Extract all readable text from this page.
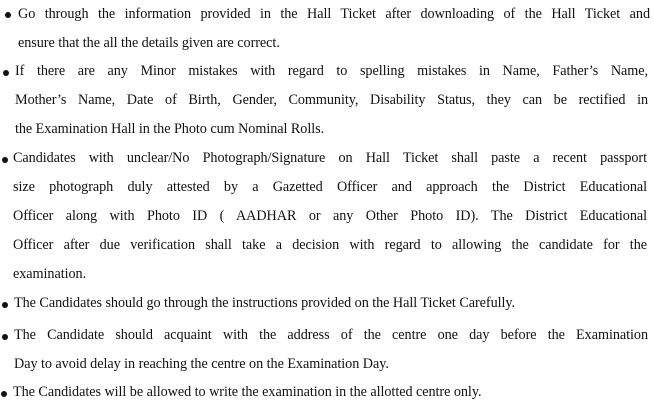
Go through the information provided in the Hall Ticket after downloading of the Hall Ticket and
ensure that the all the details given are correct.
If there are any Minor mistakes with regard to spelling mistakes in Name, Father’s Name,
Mother’s Name, Date of Birth, Gender, Community, Disability Status, they can be rectified in
the Examination Hall in the Photo cum Nominal Rolls.
Candidates with unclear/No Photograph/Signature on Hall Ticket shall paste a recent passport
size photograph duly attested by a Gazetted Officer and approach the District Educational
Officer along with Photo ID ( AADHAR or any Other Photo ID). The District Educational
Officer after due verification shall take a decision with regard to allowing the candidate for the
examination.
The Candidates should go through the instructions provided on the Hall Ticket Carefully.
The Candidate should acquaint with the address of the centre one day before the Examination
Day to avoid delay in reaching the centre on the Examination Day.
The Candidates will be allowed to write the examination in the allotted centre only.
